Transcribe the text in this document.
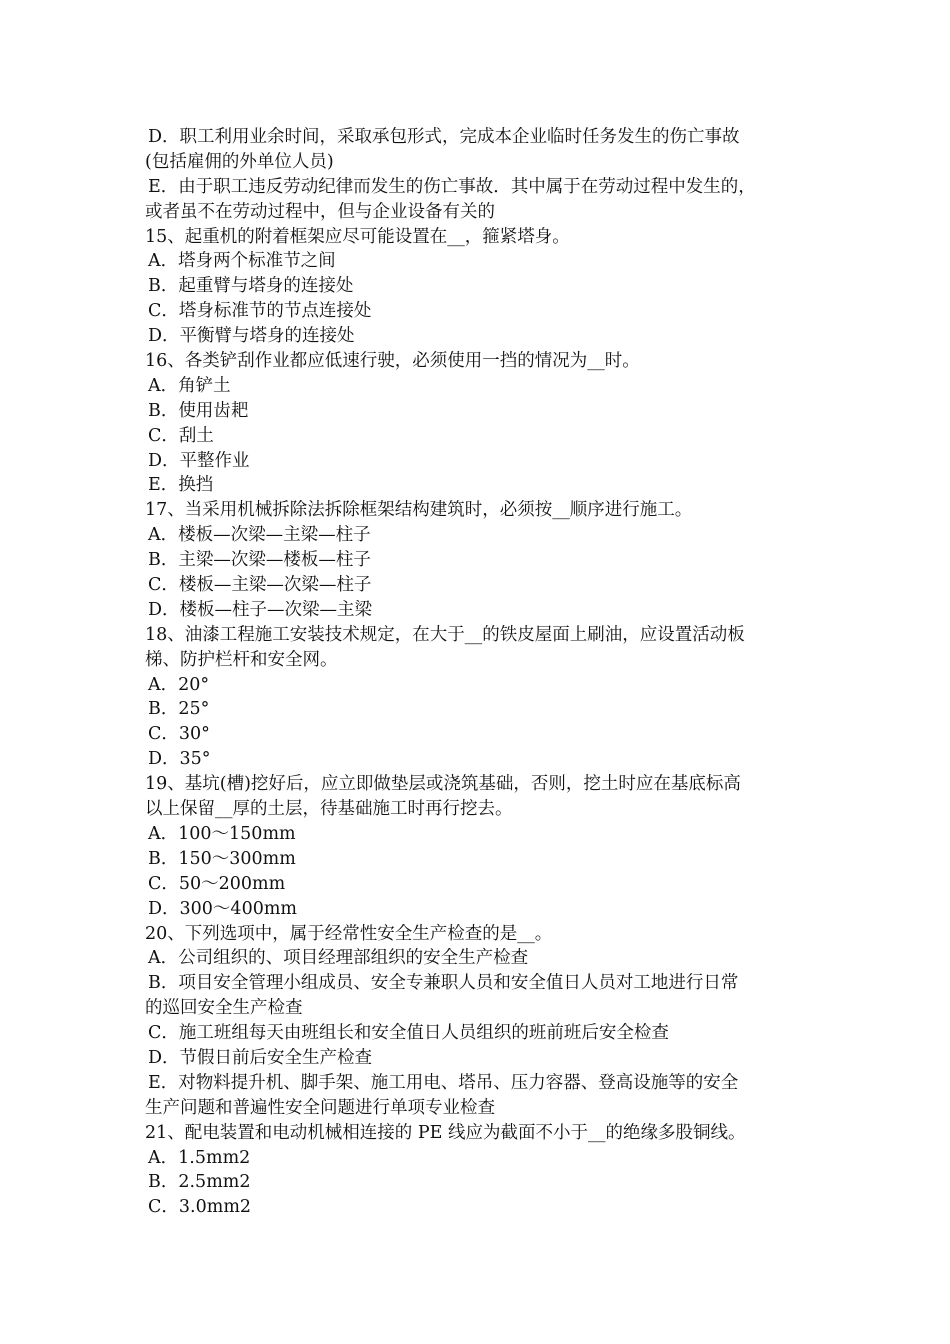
D．职工利用业余时间，采取承包形式，完成本企业临时任务发生的伤亡事故
(包括雇佣的外单位人员)
E．由于职工违反劳动纪律而发生的伤亡事故．其中属于在劳动过程中发生的，
或者虽不在劳动过程中，但与企业设备有关的
15、起重机的附着框架应尽可能设置在__，箍紧塔身。
A．塔身两个标准节之间
B．起重臂与塔身的连接处
C．塔身标准节的节点连接处
D．平衡臂与塔身的连接处
16、各类铲刮作业都应低速行驶，必须使用一挡的情况为__时。
A．角铲土
B．使用齿耙
C．刮土
D．平整作业
E．换挡
17、当采用机械拆除法拆除框架结构建筑时，必须按__顺序进行施工。
A．楼板—次梁—主梁—柱子
B．主梁—次梁—楼板—柱子
C．楼板—主梁—次梁—柱子
D．楼板—柱子—次梁—主梁
18、油漆工程施工安装技术规定，在大于__的铁皮屋面上刷油，应设置活动板
梯、防护栏杆和安全网。
A．20°
B．25°
C．30°
D．35°
19、基坑(槽)挖好后，应立即做垫层或浇筑基础，否则，挖土时应在基底标高
以上保留__厚的土层，待基础施工时再行挖去。
A．100～150mm
B．150～300mm
C．50～200mm
D．300～400mm
20、下列选项中，属于经常性安全生产检查的是__。
A．公司组织的、项目经理部组织的安全生产检查
B．项目安全管理小组成员、安全专兼职人员和安全值日人员对工地进行日常
的巡回安全生产检查
C．施工班组每天由班组长和安全值日人员组织的班前班后安全检查
D．节假日前后安全生产检查
E．对物料提升机、脚手架、施工用电、塔吊、压力容器、登高设施等的安全
生产问题和普遍性安全问题进行单项专业检查
21、配电装置和电动机械相连接的 PE 线应为截面不小于__的绝缘多股铜线。
A．1.5mm2
B．2.5mm2
C．3.0mm2
